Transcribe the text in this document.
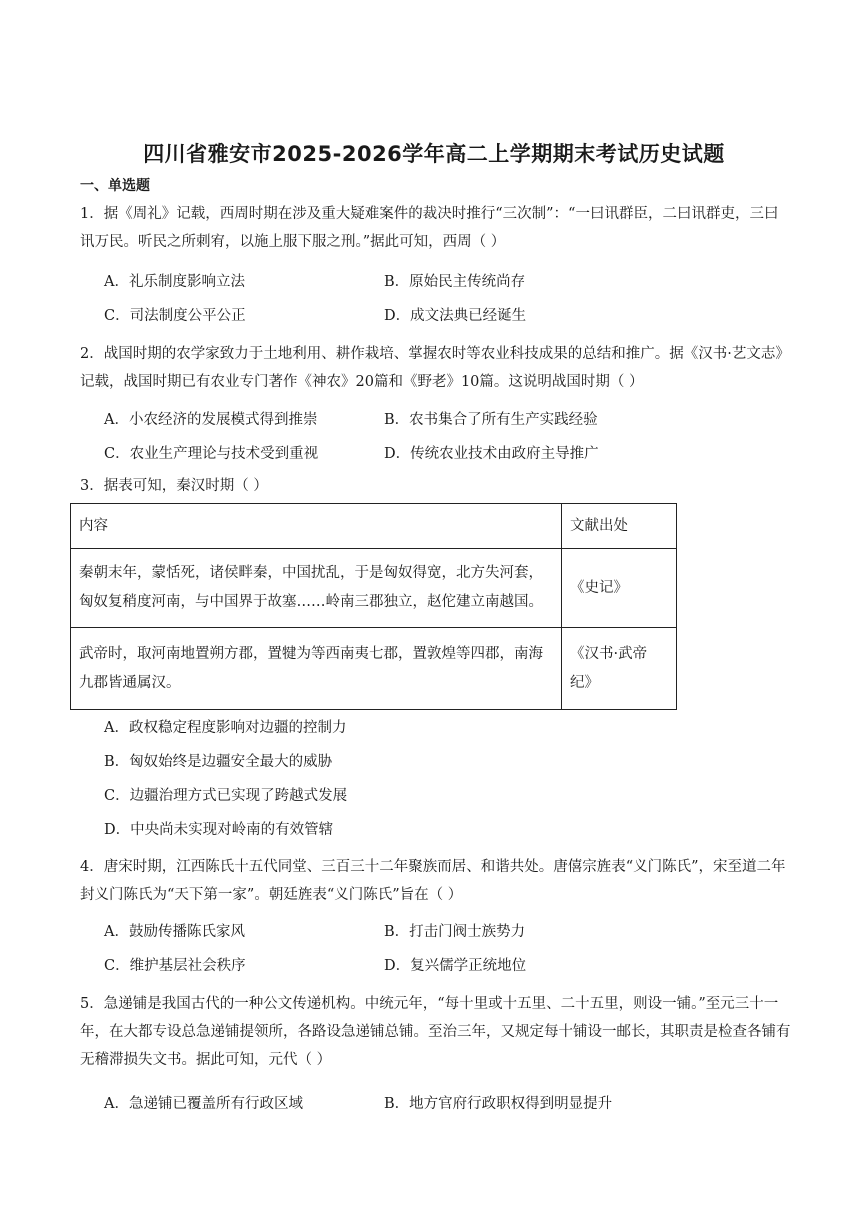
四川省雅安市2025-2026学年高二上学期期末考试历史试题
一、单选题
1．据《周礼》记载，西周时期在涉及重大疑难案件的裁决时推行“三次制”：“一曰讯群臣，二曰讯群吏，三曰讯万民。听民之所刺宥，以施上服下服之刑。”据此可知，西周（ ）
A．礼乐制度影响立法	B．原始民主传统尚存
C．司法制度公平公正	D．成文法典已经诞生
2．战国时期的农学家致力于土地利用、耕作栽培、掌握农时等农业科技成果的总结和推广。据《汉书·艺文志》记载，战国时期已有农业专门著作《神农》20篇和《野老》10篇。这说明战国时期（ ）
A．小农经济的发展模式得到推崇	B．农书集合了所有生产实践经验
C．农业生产理论与技术受到重视	D．传统农业技术由政府主导推广
3．据表可知，秦汉时期（ ）
内容	文献出处
秦朝末年，蒙恬死，诸侯畔秦，中国扰乱，于是匈奴得宽，北方失河套，匈奴复稍度河南，与中国界于故塞……岭南三郡独立，赵佗建立南越国。	《史记》
武帝时，取河南地置朔方郡，置犍为等西南夷七郡，置敦煌等四郡，南海九郡皆通属汉。	《汉书·武帝纪》
A．政权稳定程度影响对边疆的控制力
B．匈奴始终是边疆安全最大的威胁
C．边疆治理方式已实现了跨越式发展
D．中央尚未实现对岭南的有效管辖
4．唐宋时期，江西陈氏十五代同堂、三百三十二年聚族而居、和谐共处。唐僖宗旌表“义门陈氏”，宋至道二年封义门陈氏为“天下第一家”。朝廷旌表“义门陈氏”旨在（ ）
A．鼓励传播陈氏家风	B．打击门阀士族势力
C．维护基层社会秩序	D．复兴儒学正统地位
5．急递铺是我国古代的一种公文传递机构。中统元年，“每十里或十五里、二十五里，则设一铺。”至元三十一年，在大都专设总急递铺提领所，各路设急递铺总铺。至治三年，又规定每十铺设一邮长，其职责是检查各铺有无稽滞损失文书。据此可知，元代（ ）
A．急递铺已覆盖所有行政区域	B．地方官府行政职权得到明显提升
